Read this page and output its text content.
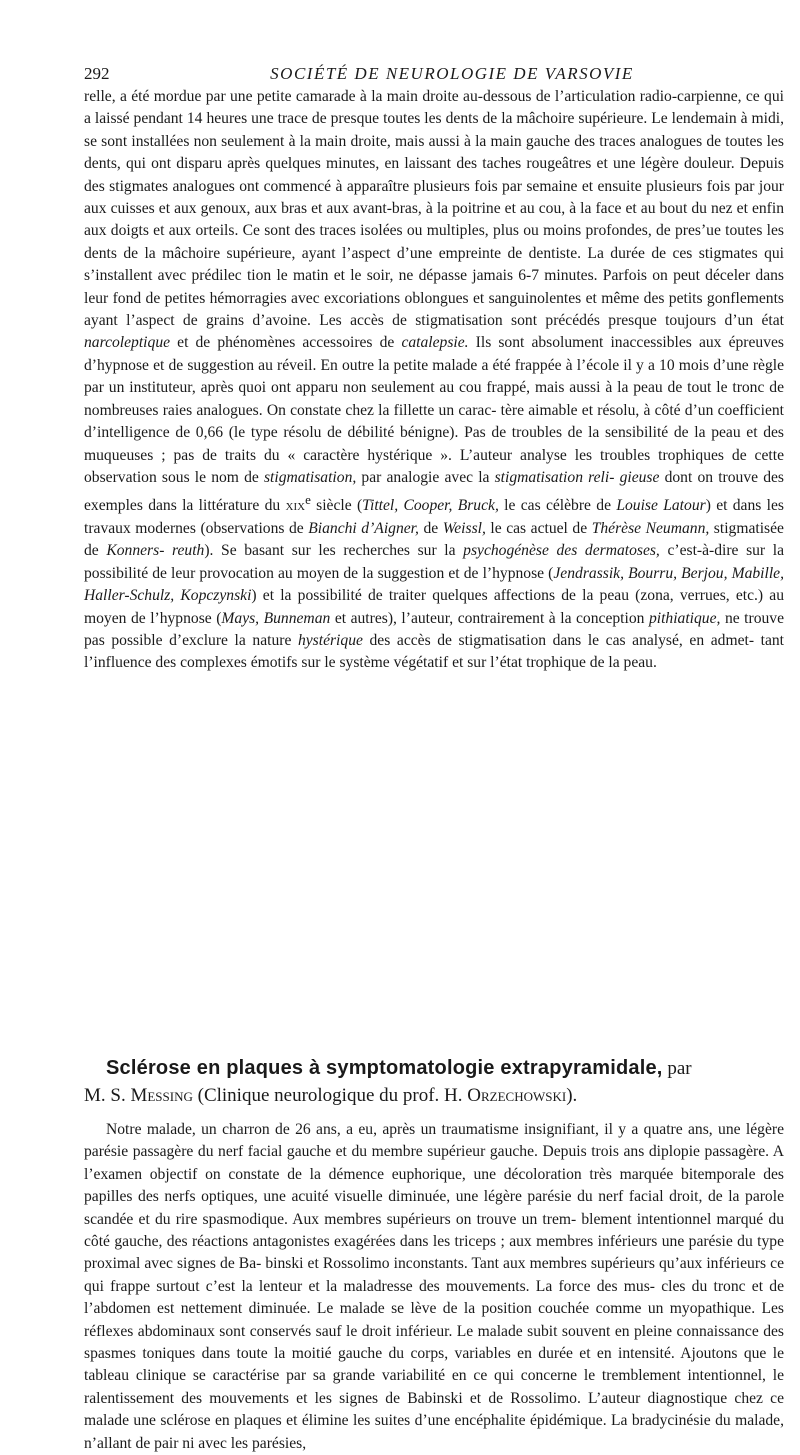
292	SOCIÉTÉ DE NEUROLOGIE DE VARSOVIE

relle, a été mordue par une petite camarade à la main droite au-dessous de l’articulation radio-carpienne, ce qui a laissé pendant 14 heures une trace de presque toutes les dents de la mâchoire supérieure. Le lendemain à midi, se sont installées non seulement à la main droite, mais aussi à la main gauche des traces analogues de toutes les dents, qui ont disparu après quelques minutes, en laissant des taches rougeâtres et une légère douleur. Depuis des stigmates analogues ont commencé à apparaître plusieurs fois par semaine et ensuite plusieurs fois par jour aux cuisses et aux genoux, aux bras et aux avant-bras, à la poitrine et au cou, à la face et au bout du nez et enfin aux doigts et aux orteils. Ce sont des traces isolées ou multiples, plus ou moins profondes, de pres’ue toutes les dents de la mâchoire supérieure, ayant l’aspect d’une empreinte de dentiste. La durée de ces stigmates qui s’installent avec prédilec tion le matin et le soir, ne dépasse jamais 6-7 minutes. Parfois on peut déceler dans leur fond de petites hémorragies avec excoriations oblongues et sanguinolentes et même des petits gonflements ayant l’aspect de grains d’avoine. Les accès de stigmatisation sont précédés presque toujours d’un état narcoleptique et de phénomènes accessoires de catalepsie. Ils sont absolument inaccessibles aux épreuves d’hypnose et de suggestion au réveil. En outre la petite malade a été frappée à l’école il y a 10 mois d’une règle par un instituteur, après quoi ont apparu non seulement au cou frappé, mais aussi à la peau de tout le tronc de nombreuses raies analogues. On constate chez la fillette un carac- tère aimable et résolu, à côté d’un coefficient d’intelligence de 0,66 (le type résolu de débilité bénigne). Pas de troubles de la sensibilité de la peau et des muqueuses ; pas de traits du « caractère hystérique ». L’auteur analyse les troubles trophiques de cette observation sous le nom de stigmatisation, par analogie avec la stigmatisation reli- gieuse dont on trouve des exemples dans la littérature du xix$^e$ siècle (Tittel, Cooper, Bruck, le cas célèbre de Louise Latour) et dans les travaux modernes (observations de Bianchi d’Aigner, de Weissl, le cas actuel de Thérèse Neumann, stigmatisée de Konners- reuth). Se basant sur les recherches sur la psychogénèse des dermatoses, c’est-à-dire sur la possibilité de leur provocation au moyen de la suggestion et de l’hypnose (Jendrassik, Bourru, Berjou, Mabille, Haller-Schulz, Kopczynski) et la possibilité de traiter quelques affections de la peau (zona, verrues, etc.) au moyen de l’hypnose (Mays, Bunneman et autres), l’auteur, contrairement à la conception pithiatique, ne trouve pas possible d’exclure la nature hystérique des accès de stigmatisation dans le cas analysé, en admet- tant l’influence des complexes émotifs sur le système végétatif et sur l’état trophique de la peau.

Sclérose en plaques à symptomatologie extrapyramidale, par
M. S. Messing (Clinique neurologique du prof. H. Orzechowski).

Notre malade, un charron de 26 ans, a eu, après un traumatisme insignifiant, il y a quatre ans, une légère parésie passagère du nerf facial gauche et du membre supérieur gauche. Depuis trois ans diplopie passagère. A l’examen objectif on constate de la démence euphorique, une décoloration très marquée bitemporale des papilles des nerfs optiques, une acuité visuelle diminuée, une légère parésie du nerf facial droit, de la parole scandée et du rire spasmodique. Aux membres supérieurs on trouve un trem- blement intentionnel marqué du côté gauche, des réactions antagonistes exagérées dans les triceps ; aux membres inférieurs une parésie du type proximal avec signes de Ba- binski et Rossolimo inconstants. Tant aux membres supérieurs qu’aux inférieurs ce qui frappe surtout c’est la lenteur et la maladresse des mouvements. La force des mus- cles du tronc et de l’abdomen est nettement diminuée. Le malade se lève de la position couchée comme un myopathique. Les réflexes abdominaux sont conservés sauf le droit inférieur. Le malade subit souvent en pleine connaissance des spasmes toniques dans toute la moitié gauche du corps, variables en durée et en intensité. Ajoutons que le tableau clinique se caractérise par sa grande variabilité en ce qui concerne le tremblement intentionnel, le ralentissement des mouvements et les signes de Babinski et de Rossolimo. L’auteur diagnostique chez ce malade une sclérose en plaques et élimine les suites d’une encéphalite épidémique. La bradycinésie du malade, n’allant de pair ni avec les parésies,
